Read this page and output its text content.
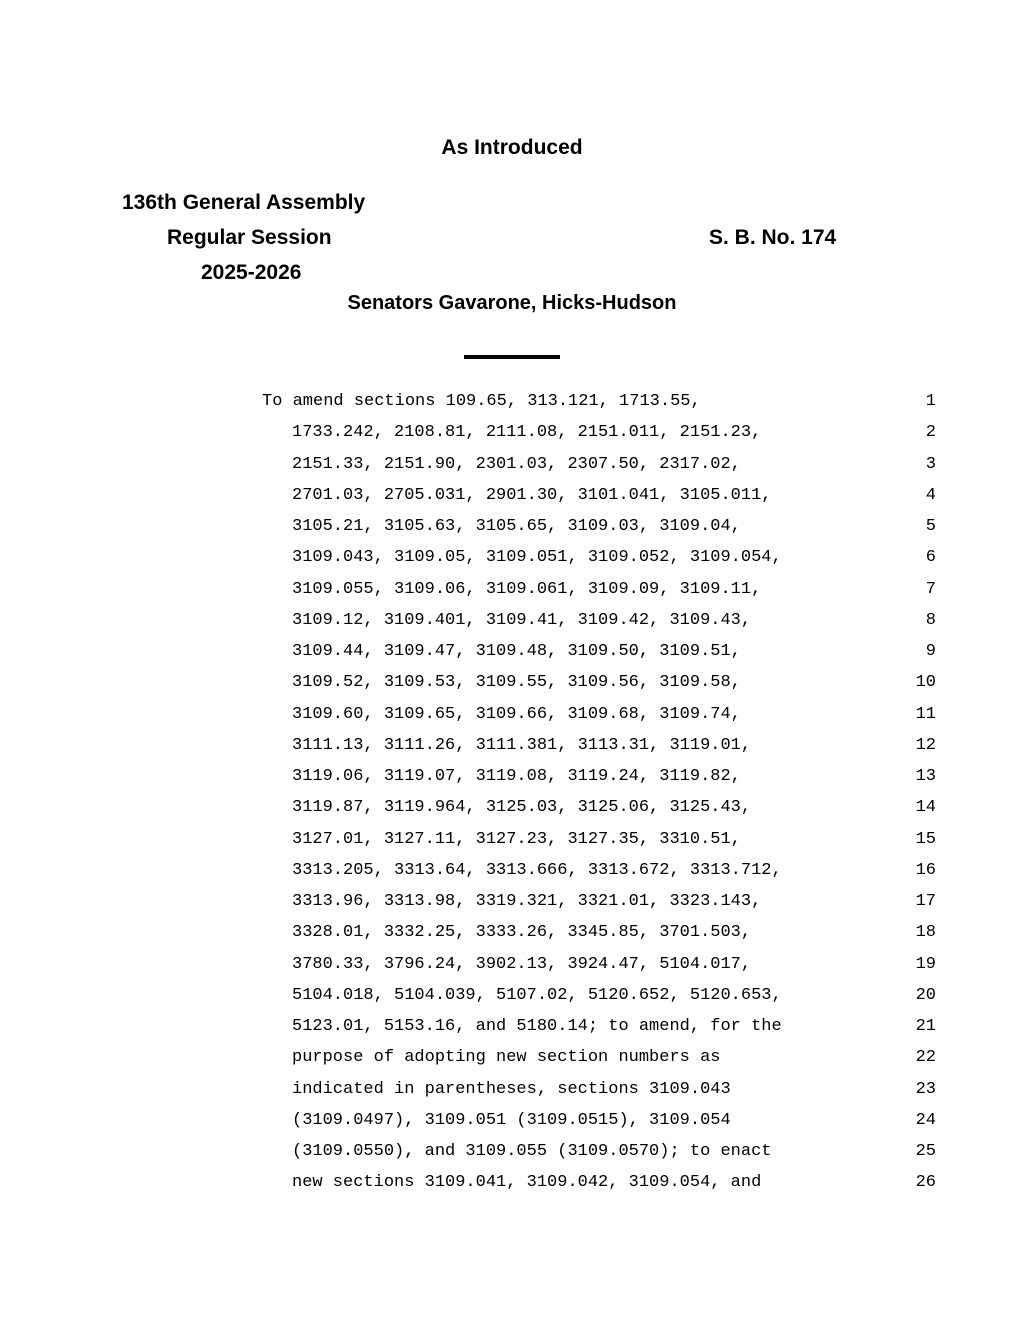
As Introduced
136th General Assembly
Regular Session	S. B. No. 174
2025-2026
Senators Gavarone, Hicks-Hudson
To amend sections 109.65, 313.121, 1713.55,	1
1733.242, 2108.81, 2111.08, 2151.011, 2151.23,	2
2151.33, 2151.90, 2301.03, 2307.50, 2317.02,	3
2701.03, 2705.031, 2901.30, 3101.041, 3105.011,	4
3105.21, 3105.63, 3105.65, 3109.03, 3109.04,	5
3109.043, 3109.05, 3109.051, 3109.052, 3109.054,	6
3109.055, 3109.06, 3109.061, 3109.09, 3109.11,	7
3109.12, 3109.401, 3109.41, 3109.42, 3109.43,	8
3109.44, 3109.47, 3109.48, 3109.50, 3109.51,	9
3109.52, 3109.53, 3109.55, 3109.56, 3109.58,	10
3109.60, 3109.65, 3109.66, 3109.68, 3109.74,	11
3111.13, 3111.26, 3111.381, 3113.31, 3119.01,	12
3119.06, 3119.07, 3119.08, 3119.24, 3119.82,	13
3119.87, 3119.964, 3125.03, 3125.06, 3125.43,	14
3127.01, 3127.11, 3127.23, 3127.35, 3310.51,	15
3313.205, 3313.64, 3313.666, 3313.672, 3313.712,	16
3313.96, 3313.98, 3319.321, 3321.01, 3323.143,	17
3328.01, 3332.25, 3333.26, 3345.85, 3701.503,	18
3780.33, 3796.24, 3902.13, 3924.47, 5104.017,	19
5104.018, 5104.039, 5107.02, 5120.652, 5120.653,	20
5123.01, 5153.16, and 5180.14; to amend, for the	21
purpose of adopting new section numbers as	22
indicated in parentheses, sections 3109.043	23
(3109.0497), 3109.051 (3109.0515), 3109.054	24
(3109.0550), and 3109.055 (3109.0570); to enact	25
new sections 3109.041, 3109.042, 3109.054, and	26
